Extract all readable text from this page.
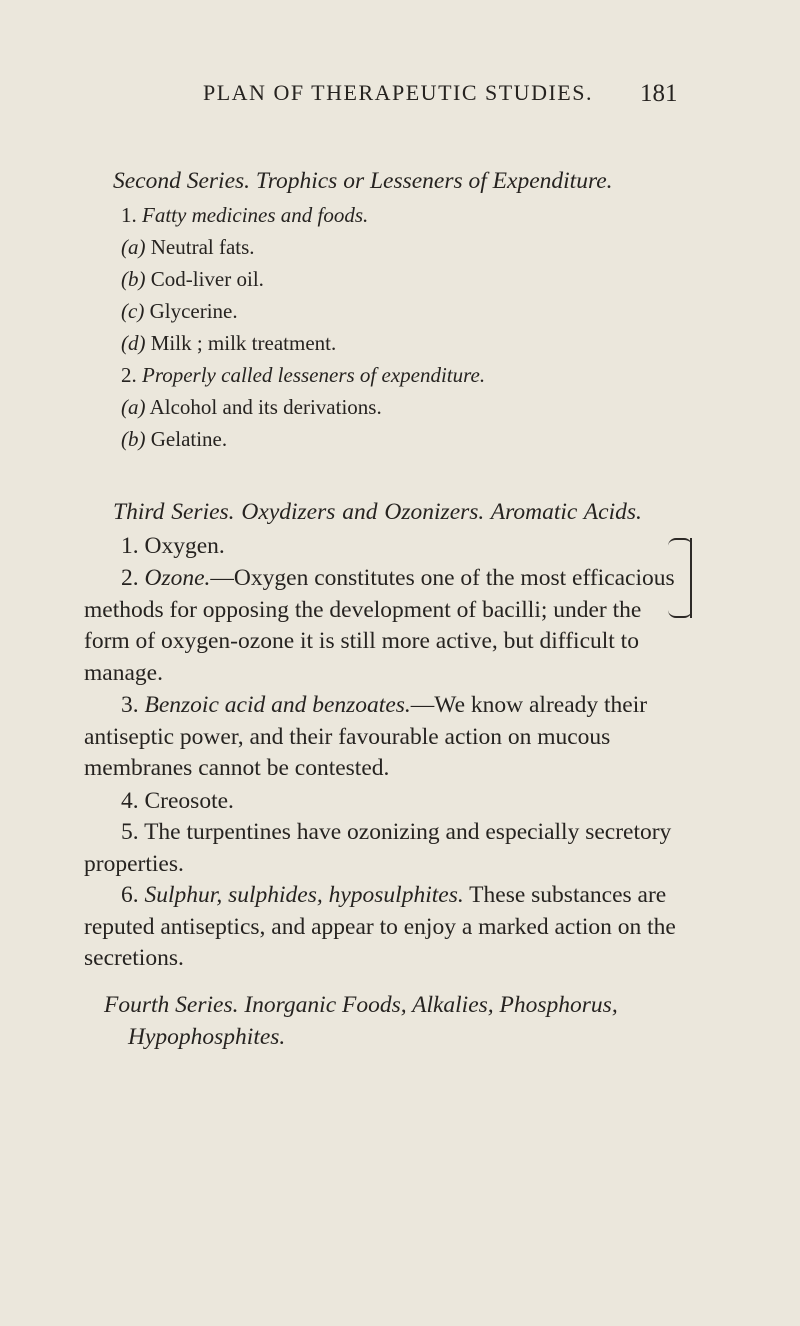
PLAN OF THERAPEUTIC STUDIES. 181
Second Series. Trophics or Lesseners of Expenditure.
1. Fatty medicines and foods.
(a) Neutral fats.
(b) Cod-liver oil.
(c) Glycerine.
(d) Milk ; milk treatment.
2. Properly called lesseners of expenditure.
(a) Alcohol and its derivations.
(b) Gelatine.
Third Series. Oxydizers and Ozonizers. Aromatic Acids.
1. Oxygen.
2. Ozone.—Oxygen constitutes one of the most efficacious methods for opposing the development of bacilli; under the form of oxygen-ozone it is still more active, but difficult to manage.
3. Benzoic acid and benzoates.—We know already their antiseptic power, and their favourable action on mucous membranes cannot be contested.
4. Creosote.
5. The turpentines have ozonizing and especially secretory properties.
6. Sulphur, sulphides, hyposulphites. These substances are reputed antiseptics, and appear to enjoy a marked action on the secretions.
Fourth Series. Inorganic Foods, Alkalies, Phosphorus, Hypophosphites.
